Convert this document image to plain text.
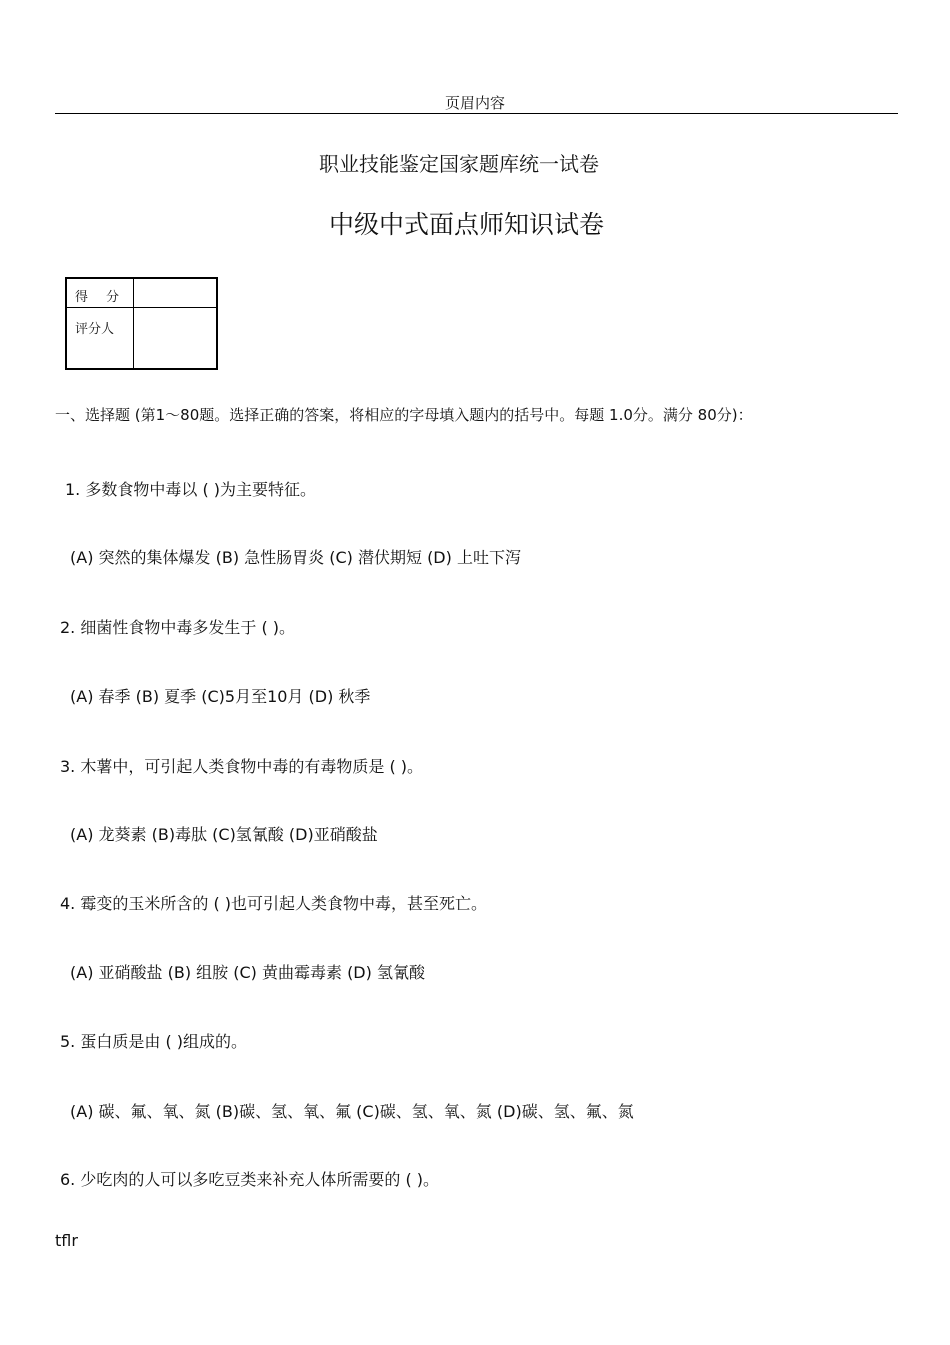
页眉内容
职业技能鉴定国家题库统一试卷
中级中式面点师知识试卷
得分
评分人
一、选择题 (第1～80题。选择正确的答案，将相应的字母填入题内的括号中。每题 1.0分。满分 80分)：
1. 多数食物中毒以 ( )为主要特征。
(A) 突然的集体爆发 (B) 急性肠胃炎 (C) 潜伏期短 (D) 上吐下泻
2. 细菌性食物中毒多发生于 ( )。
(A) 春季 (B) 夏季 (C)5月至10月 (D) 秋季
3. 木薯中，可引起人类食物中毒的有毒物质是 ( )。
(A) 龙葵素 (B)毒肽 (C)氢氰酸 (D)亚硝酸盐
4. 霉变的玉米所含的 ( )也可引起人类食物中毒，甚至死亡。
(A) 亚硝酸盐 (B) 组胺 (C) 黄曲霉毒素 (D) 氢氰酸
5. 蛋白质是由 ( )组成的。
(A) 碳、氟、氧、氮 (B)碳、氢、氧、氟 (C)碳、氢、氧、氮 (D)碳、氢、氟、氮
6. 少吃肉的人可以多吃豆类来补充人体所需要的 ( )。
tflr
